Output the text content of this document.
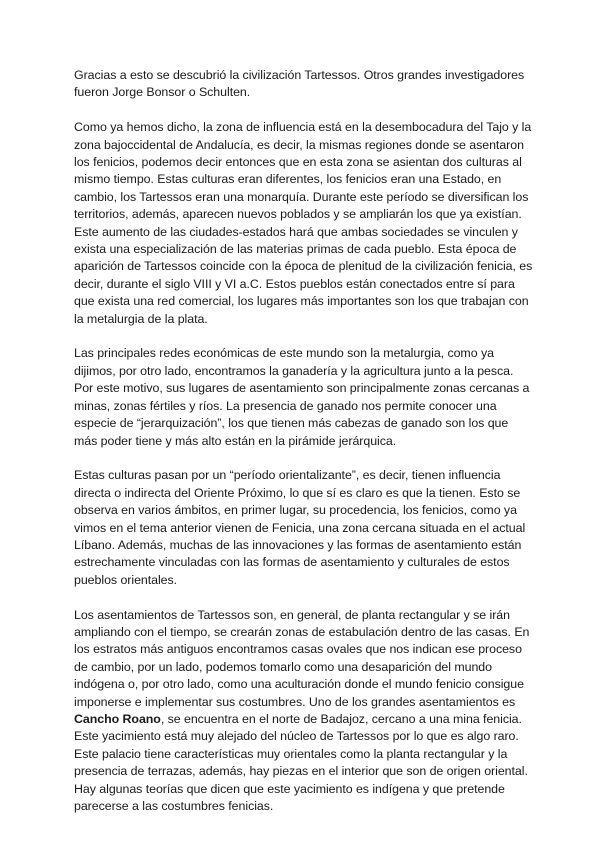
Gracias a esto se descubrió la civilización Tartessos. Otros grandes investigadores fueron Jorge Bonsor o Schulten.

Como ya hemos dicho, la zona de influencia está en la desembocadura del Tajo y la zona bajoccidental de Andalucía, es decir, la mismas regiones donde se asentaron los fenicios, podemos decir entonces que en esta zona se asientan dos culturas al mismo tiempo. Estas culturas eran diferentes, los fenicios eran una Estado, en cambio, los Tartessos eran una monarquía. Durante este período se diversifican los territorios, además, aparecen nuevos poblados y se ampliarán los que ya existían. Este aumento de las ciudades-estados hará que ambas sociedades se vinculen y exista una especialización de las materias primas de cada pueblo. Esta época de aparición de Tartessos coincide con la época de plenitud de la civilización fenicia, es decir, durante el siglo VIII y VI a.C. Estos pueblos están conectados entre sí para que exista una red comercial, los lugares más importantes son los que trabajan con la metalurgia de la plata.

Las principales redes económicas de este mundo son la metalurgia, como ya dijimos, por otro lado, encontramos la ganadería y la agricultura junto a la pesca. Por este motivo, sus lugares de asentamiento son principalmente zonas cercanas a minas, zonas fértiles y ríos. La presencia de ganado nos permite conocer una especie de “jerarquización”, los que tienen más cabezas de ganado son los que más poder tiene y más alto están en la pirámide jerárquica.

Estas culturas pasan por un “período orientalizante”, es decir, tienen influencia directa o indirecta del Oriente Próximo, lo que sí es claro es que la tienen. Esto se observa en varios ámbitos, en primer lugar, su procedencia, los fenicios, como ya vimos en el tema anterior vienen de Fenicia, una zona cercana situada en el actual Líbano. Además, muchas de las innovaciones y las formas de asentamiento están estrechamente vinculadas con las formas de asentamiento y culturales de estos pueblos orientales.

Los asentamientos de Tartessos son, en general, de planta rectangular y se irán ampliando con el tiempo, se crearán zonas de estabulación dentro de las casas. En los estratos más antiguos encontramos casas ovales que nos indican ese proceso de cambio, por un lado, podemos tomarlo como una desaparición del mundo indógena o, por otro lado, como una aculturación donde el mundo fenicio consigue imponerse e implementar sus costumbres. Uno de los grandes asentamientos es Cancho Roano, se encuentra en el norte de Badajoz, cercano a una mina fenicia. Este yacimiento está muy alejado del núcleo de Tartessos por lo que es algo raro. Este palacio tiene características muy orientales como la planta rectangular y la presencia de terrazas, además, hay piezas en el interior que son de origen oriental. Hay algunas teorías que dicen que este yacimiento es indígena y que pretende parecerse a las costumbres fenicias.
